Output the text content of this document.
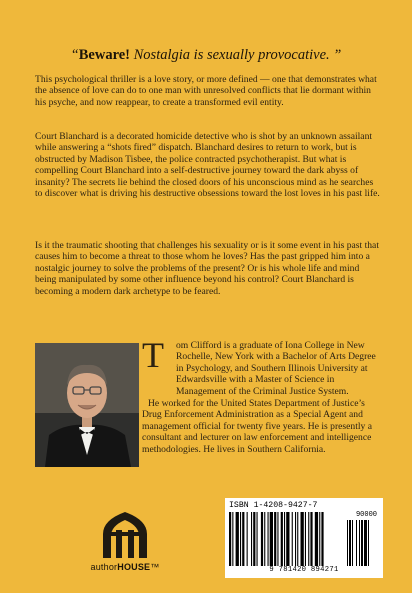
“Beware! Nostalgia is sexually provocative. ”

This psychological thriller is a love story, or more defined — one that demonstrates what the absence of love can do to one man with unresolved conflicts that lie dormant within his psyche, and now reappear, to create a transformed evil entity.

Court Blanchard is a decorated homicide detective who is shot by an unknown assailant while answering a “shots fired” dispatch. Blanchard desires to return to work, but is obstructed by Madison Tisbee, the police contracted psychotherapist. But what is compelling Court Blanchard into a self-destructive journey toward the dark abyss of insanity? The secrets lie behind the closed doors of his unconscious mind as he searches to discover what is driving his destructive obsessions toward the lost loves in his past life.

Is it the traumatic shooting that challenges his sexuality or is it some event in his past that causes him to become a threat to those whom he loves? Has the past gripped him into a nostalgic journey to solve the problems of the present? Or is his whole life and mind being manipulated by some other influence beyond his control? Court Blanchard is becoming a modern dark archetype to be feared.

T	om Clifford is a graduate of Iona College in New Rochelle, New York with a Bachelor of Arts Degree in Psychology, and Southern Illinois University at Edwardsville with a Master of Science in Management of the Criminal Justice System.

He worked for the United States Department of Justice’s Drug Enforcement Administration as a Special Agent and management official for twenty five years. He is presently a consultant and lecturer on law enforcement and intelligence methodologies. He lives in Southern California.

authorHOUSE™
ISBN 1-4208-9427-7
9 781420 894271
90000
